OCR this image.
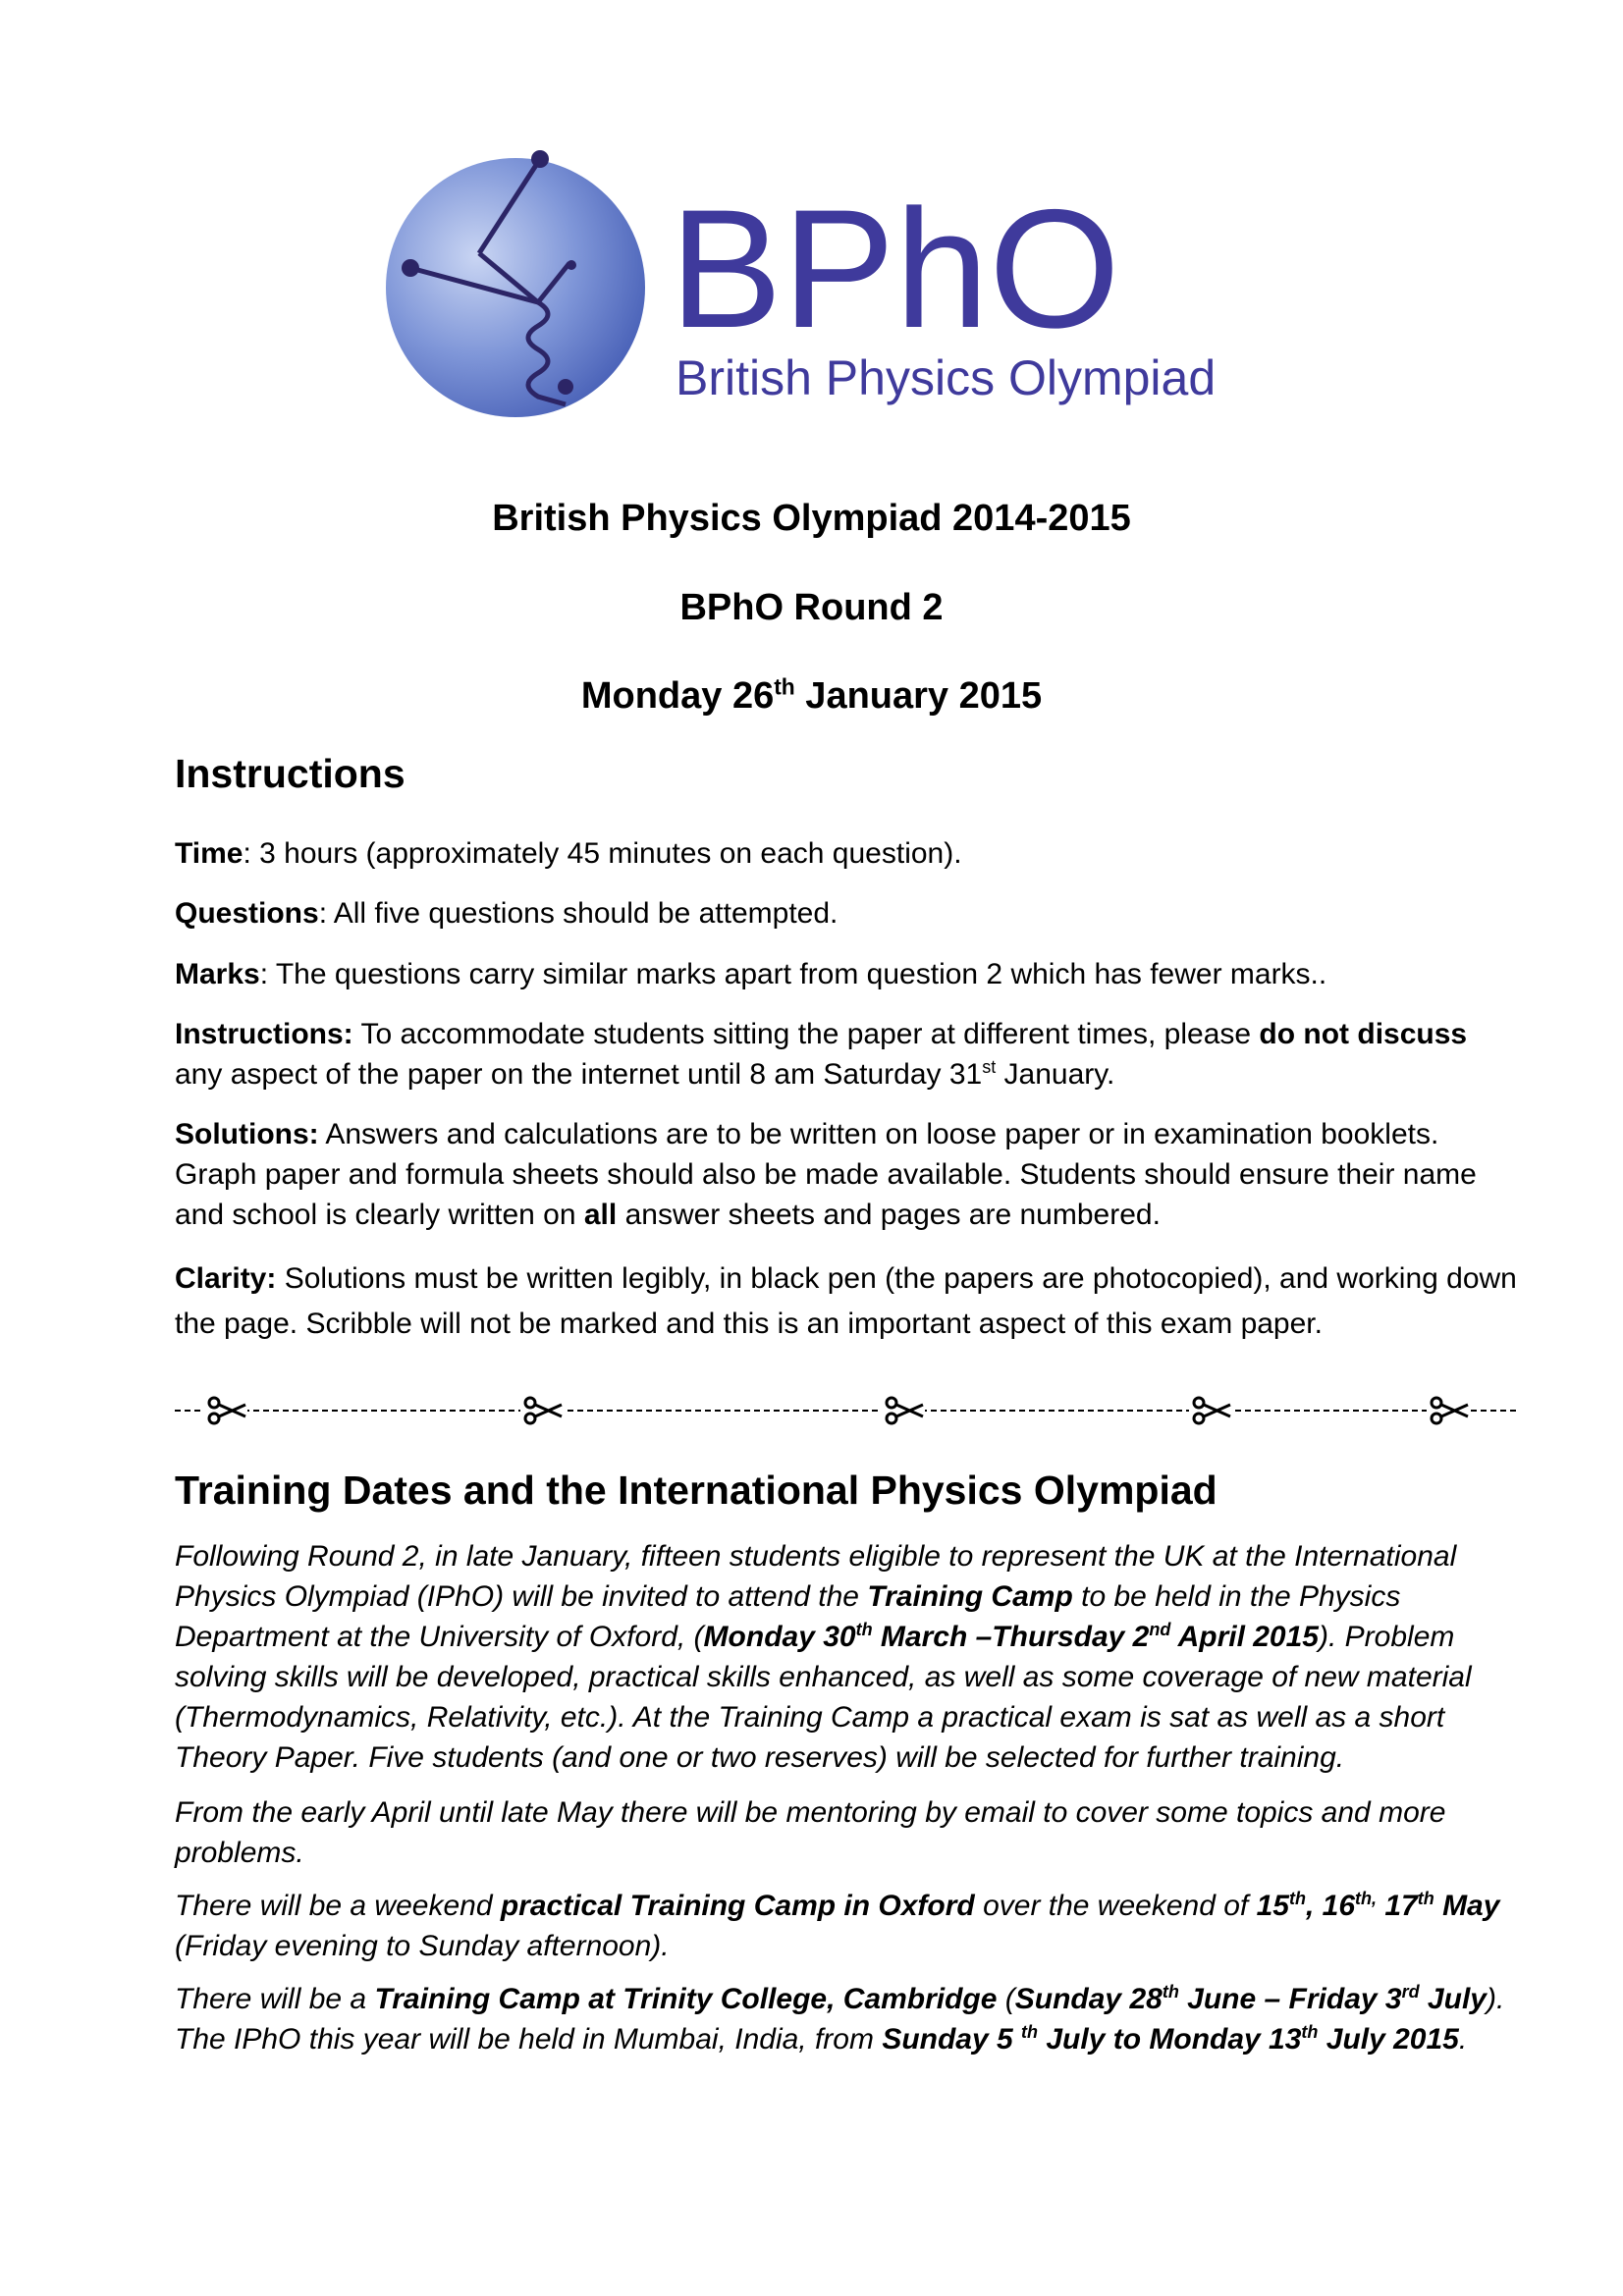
BPhO
British Physics Olympiad
British Physics Olympiad 2014-2015
BPhO Round 2
Monday 26th January 2015
Instructions
Time: 3 hours (approximately 45 minutes on each question).
Questions: All five questions should be attempted.
Marks: The questions carry similar marks apart from question 2 which has fewer marks..
Instructions: To accommodate students sitting the paper at different times, please do not discuss any aspect of the paper on the internet until 8 am Saturday 31st January.
Solutions: Answers and calculations are to be written on loose paper or in examination booklets. Graph paper and formula sheets should also be made available. Students should ensure their name and school is clearly written on all answer sheets and pages are numbered.
Clarity: Solutions must be written legibly, in black pen (the papers are photocopied), and working down the page. Scribble will not be marked and this is an important aspect of this exam paper.
Training Dates and the International Physics Olympiad
Following Round 2, in late January, fifteen students eligible to represent the UK at the International Physics Olympiad (IPhO) will be invited to attend the Training Camp to be held in the Physics Department at the University of Oxford, (Monday 30th March –Thursday 2nd April 2015). Problem solving skills will be developed, practical skills enhanced, as well as some coverage of new material (Thermodynamics, Relativity, etc.). At the Training Camp a practical exam is sat as well as a short Theory Paper. Five students (and one or two reserves) will be selected for further training.
From the early April until late May there will be mentoring by email to cover some topics and more problems.
There will be a weekend practical Training Camp in Oxford over the weekend of 15th, $16^{th,}$ 17th May (Friday evening to Sunday afternoon).
There will be a Training Camp at Trinity College, Cambridge (Sunday 28th June – Friday 3rd July).
The IPhO this year will be held in Mumbai, India, from Sunday 5 $^{th}$ July to Monday 13th July 2015.
